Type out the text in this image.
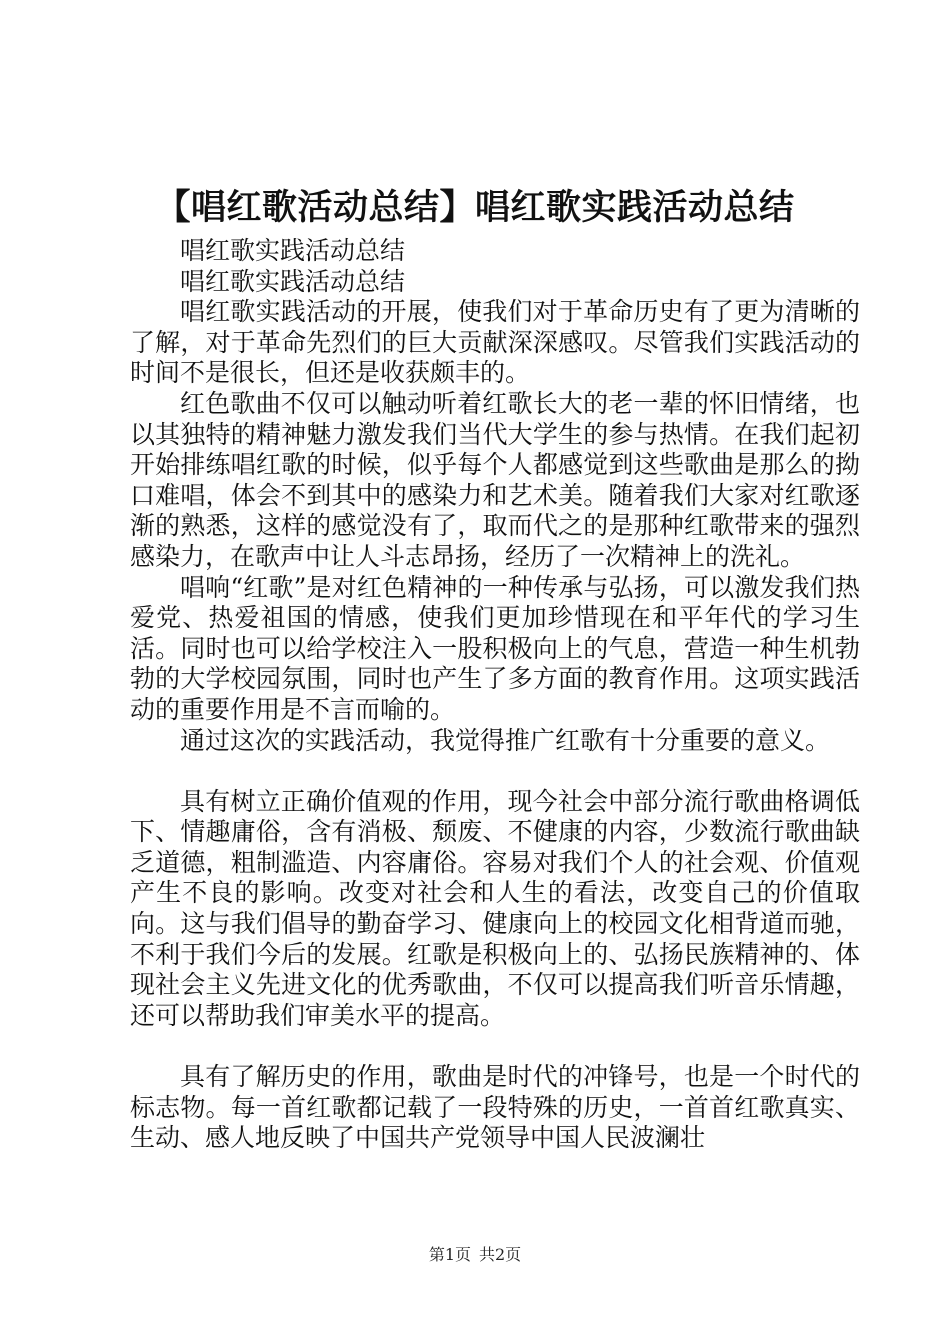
【唱红歌活动总结】唱红歌实践活动总结

唱红歌实践活动总结

唱红歌实践活动总结

唱红歌实践活动的开展，使我们对于革命历史有了更为清晰的了解，对于革命先烈们的巨大贡献深深感叹。尽管我们实践活动的时间不是很长，但还是收获颇丰的。

红色歌曲不仅可以触动听着红歌长大的老一辈的怀旧情绪，也以其独特的精神魅力激发我们当代大学生的参与热情。在我们起初开始排练唱红歌的时候，似乎每个人都感觉到这些歌曲是那么的拗口难唱，体会不到其中的感染力和艺术美。随着我们大家对红歌逐渐的熟悉，这样的感觉没有了，取而代之的是那种红歌带来的强烈感染力，在歌声中让人斗志昂扬，经历了一次精神上的洗礼。

唱响“红歌”是对红色精神的一种传承与弘扬，可以激发我们热爱党、热爱祖国的情感，使我们更加珍惜现在和平年代的学习生活。同时也可以给学校注入一股积极向上的气息，营造一种生机勃勃的大学校园氛围，同时也产生了多方面的教育作用。这项实践活动的重要作用是不言而喻的。

通过这次的实践活动，我觉得推广红歌有十分重要的意义。

具有树立正确价值观的作用，现今社会中部分流行歌曲格调低下、情趣庸俗，含有消极、颓废、不健康的内容，少数流行歌曲缺乏道德，粗制滥造、内容庸俗。容易对我们个人的社会观、价值观产生不良的影响。改变对社会和人生的看法，改变自己的价值取向。这与我们倡导的勤奋学习、健康向上的校园文化相背道而驰，不利于我们今后的发展。红歌是积极向上的、弘扬民族精神的、体现社会主义先进文化的优秀歌曲，不仅可以提高我们听音乐情趣，还可以帮助我们审美水平的提高。

具有了解历史的作用，歌曲是时代的冲锋号，也是一个时代的标志物。每一首红歌都记载了一段特殊的历史，一首首红歌真实、生动、感人地反映了中国共产党领导中国人民波澜壮

第1页 共2页
